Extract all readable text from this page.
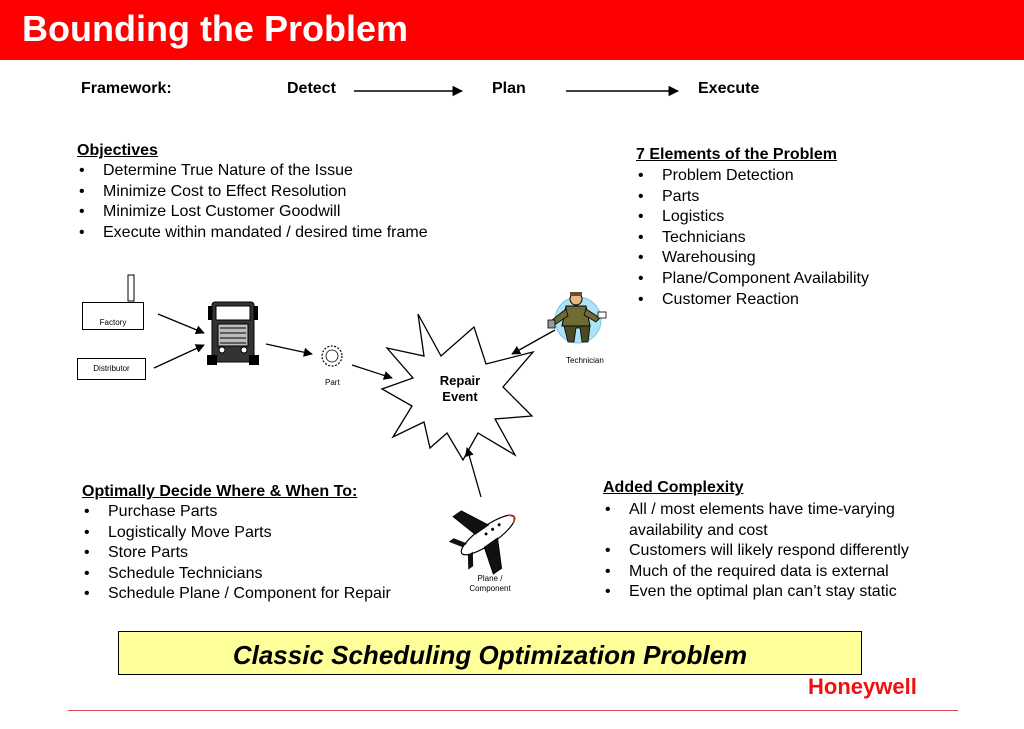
Bounding the Problem
Framework:	Detect	Plan	Execute
Objectives
• Determine True Nature of the Issue
• Minimize Cost to Effect Resolution
• Minimize Lost Customer Goodwill
• Execute within mandated / desired time frame
7 Elements of the Problem
• Problem Detection
• Parts
• Logistics
• Technicians
• Warehousing
• Plane/Component Availability
• Customer Reaction
Factory
Distributor
Part
Technician
Repair
Event
Plane /
Component
Optimally Decide Where & When To:
• Purchase Parts
• Logistically Move Parts
• Store Parts
• Schedule Technicians
• Schedule Plane / Component for Repair
Added Complexity
• All / most elements have time-varying
availability and cost
• Customers will likely respond differently
• Much of the required data is external
• Even the optimal plan can’t stay static
Classic Scheduling Optimization Problem
Honeywell
